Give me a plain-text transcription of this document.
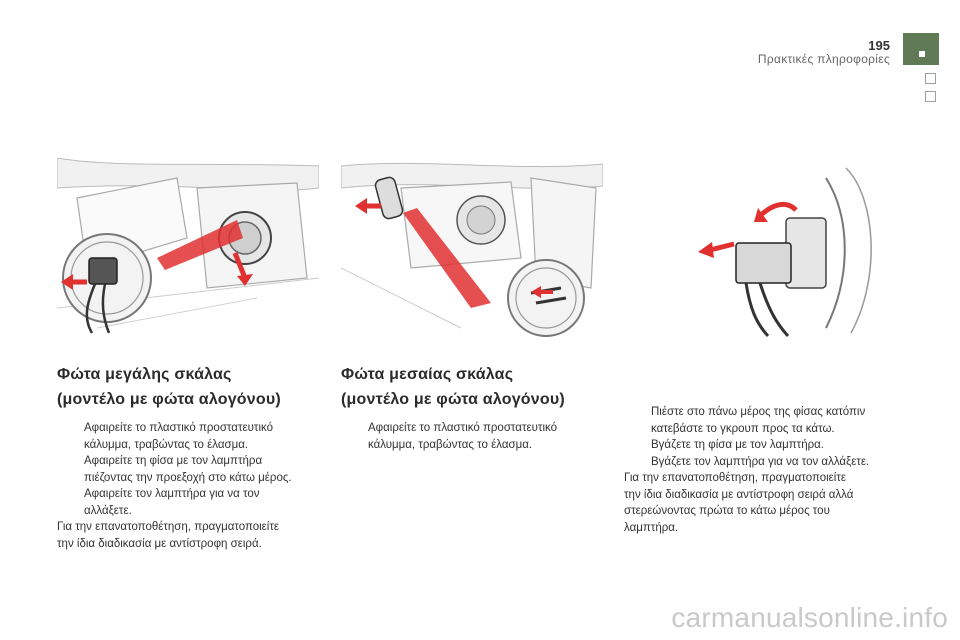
195
Πρακτικές πληροφορίες
Φώτα μεγάλης σκάλας
(μοντέλο με φώτα αλογόνου)
Αφαιρείτε το πλαστικό προστατευτικό
κάλυμμα, τραβώντας το έλασμα.
Αφαιρείτε τη φίσα με τον λαμπτήρα
πιέζοντας την προεξοχή στο κάτω μέρος.
Αφαιρείτε τον λαμπτήρα για να τον
αλλάξετε.

Για την επανατοποθέτηση, πραγματοποιείτε
την ίδια διαδικασία με αντίστροφη σειρά.

Φώτα μεσαίας σκάλας
(μοντέλο με φώτα αλογόνου)
Αφαιρείτε το πλαστικό προστατευτικό
κάλυμμα, τραβώντας το έλασμα.
Πιέστε στο πάνω μέρος της φίσας κατόπιν
κατεβάστε το γκρουπ προς τα κάτω.
Βγάζετε τη φίσα με τον λαμπτήρα.
Βγάζετε τον λαμπτήρα για να τον αλλάξετε.

Για την επανατοποθέτηση, πραγματοποιείτε
την ίδια διαδικασία με αντίστροφη σειρά αλλά
στερεώνοντας πρώτα το κάτω μέρος του
λαμπτήρα.

carmanualsonline.info
